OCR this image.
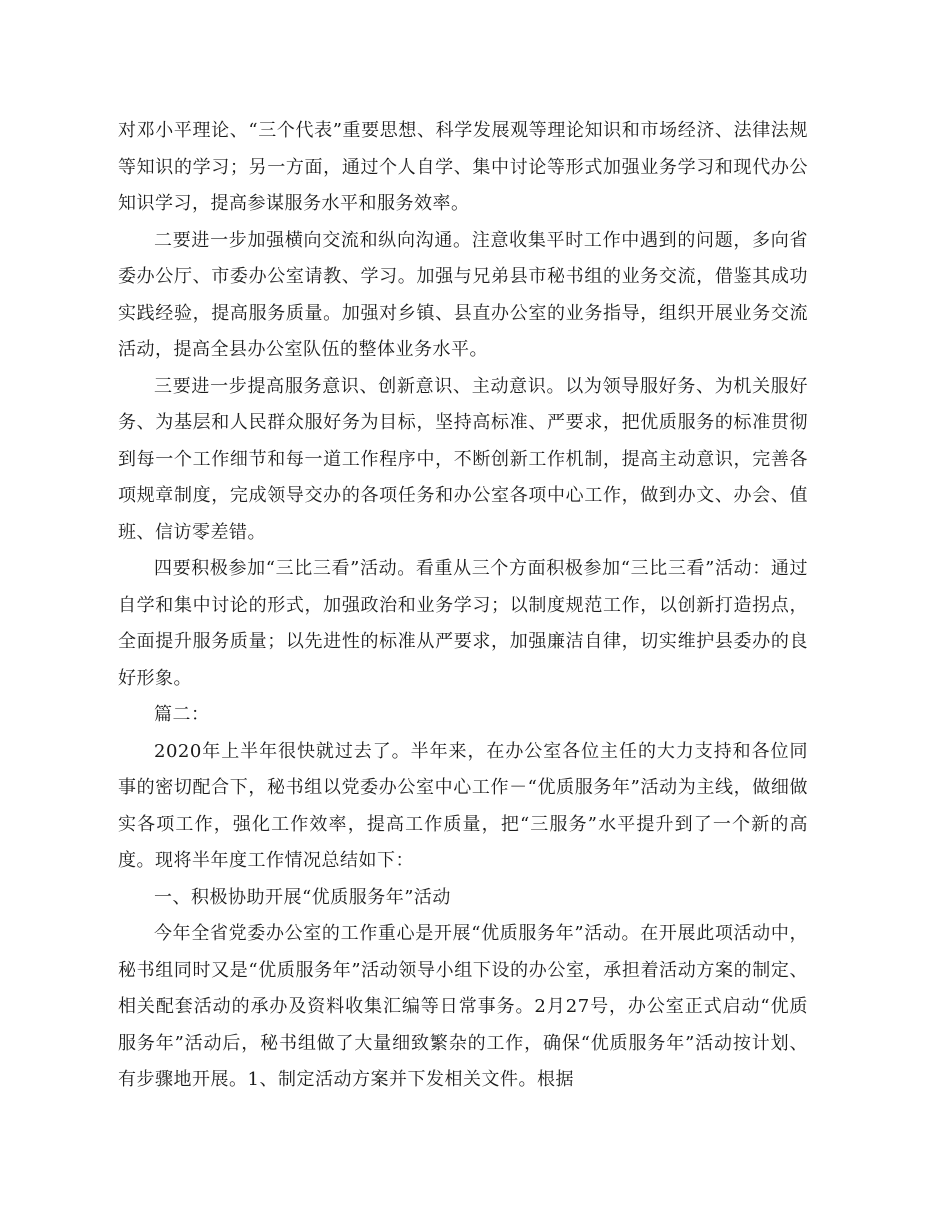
对邓小平理论、“三个代表”重要思想、科学发展观等理论知识和市场经济、法律法规等知识的学习；另一方面，通过个人自学、集中讨论等形式加强业务学习和现代办公知识学习，提高参谋服务水平和服务效率。

二要进一步加强横向交流和纵向沟通。注意收集平时工作中遇到的问题，多向省委办公厅、市委办公室请教、学习。加强与兄弟县市秘书组的业务交流，借鉴其成功实践经验，提高服务质量。加强对乡镇、县直办公室的业务指导，组织开展业务交流活动，提高全县办公室队伍的整体业务水平。

三要进一步提高服务意识、创新意识、主动意识。以为领导服好务、为机关服好务、为基层和人民群众服好务为目标，坚持高标准、严要求，把优质服务的标准贯彻到每一个工作细节和每一道工作程序中，不断创新工作机制，提高主动意识，完善各项规章制度，完成领导交办的各项任务和办公室各项中心工作，做到办文、办会、值班、信访零差错。

四要积极参加“三比三看”活动。看重从三个方面积极参加“三比三看”活动：通过自学和集中讨论的形式，加强政治和业务学习；以制度规范工作，以创新打造拐点，全面提升服务质量；以先进性的标准从严要求，加强廉洁自律，切实维护县委办的良好形象。

篇二：

2020年上半年很快就过去了。半年来，在办公室各位主任的大力支持和各位同事的密切配合下，秘书组以党委办公室中心工作－“优质服务年”活动为主线，做细做实各项工作，强化工作效率，提高工作质量，把“三服务”水平提升到了一个新的高度。现将半年度工作情况总结如下：

一、积极协助开展“优质服务年”活动

今年全省党委办公室的工作重心是开展“优质服务年”活动。在开展此项活动中，秘书组同时又是“优质服务年”活动领导小组下设的办公室，承担着活动方案的制定、相关配套活动的承办及资料收集汇编等日常事务。2月27号，办公室正式启动“优质服务年”活动后，秘书组做了大量细致繁杂的工作，确保“优质服务年”活动按计划、有步骤地开展。1、制定活动方案并下发相关文件。根据
